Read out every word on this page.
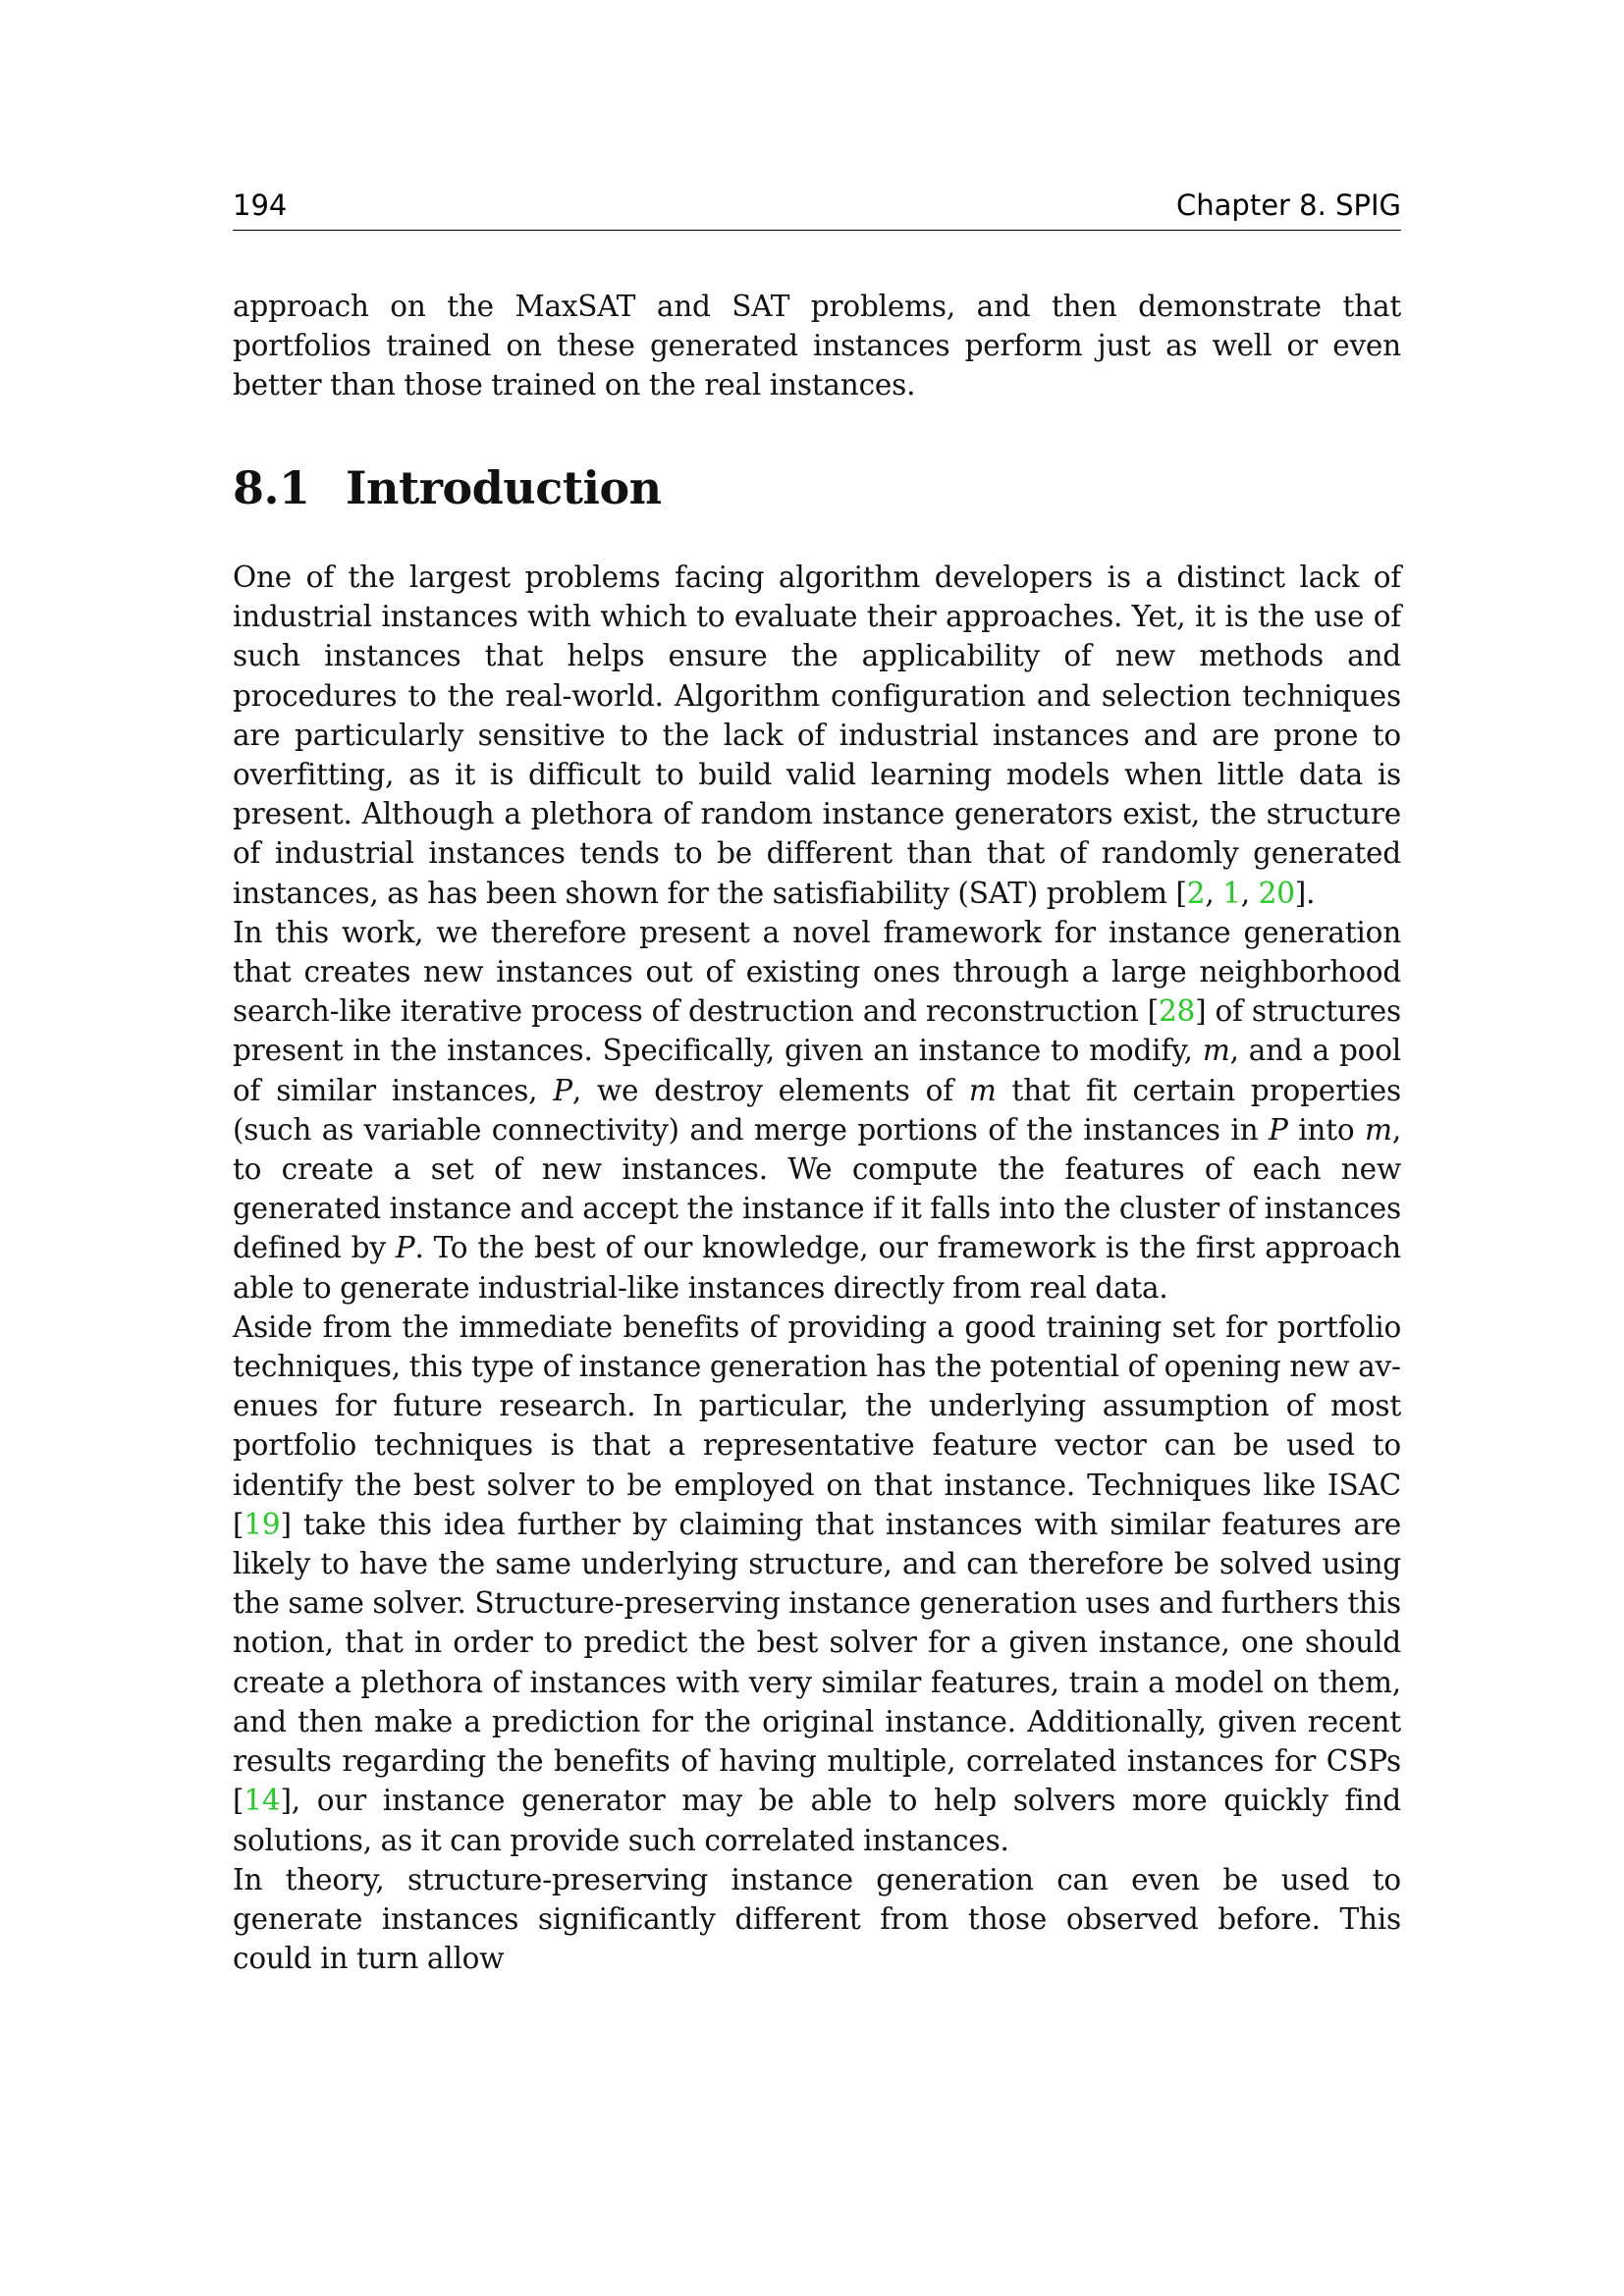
194	Chapter 8. SPIG

approach on the MaxSAT and SAT problems, and then demonstrate that portfolios trained on these generated instances perform just as well or even better than those trained on the real instances.

8.1 Introduction

One of the largest problems facing algorithm developers is a distinct lack of industrial instances with which to evaluate their approaches. Yet, it is the use of such instances that helps ensure the applicability of new methods and procedures to the real-world. Algorithm configuration and selection techniques are particularly sensitive to the lack of industrial instances and are prone to overfitting, as it is difficult to build valid learning models when little data is present. Although a plethora of random instance generators exist, the structure of industrial instances tends to be different than that of randomly generated instances, as has been shown for the satisfiability (SAT) problem [2, 1, 20].

In this work, we therefore present a novel framework for instance generation that creates new instances out of existing ones through a large neighborhood search-like iterative process of destruction and reconstruction [28] of structures present in the instances. Specifically, given an instance to modify, m, and a pool of similar instances, P, we destroy elements of m that fit certain properties (such as variable connectivity) and merge portions of the instances in P into m, to create a set of new instances. We compute the features of each new generated instance and accept the instance if it falls into the cluster of instances defined by P. To the best of our knowledge, our framework is the first approach able to generate industrial-like instances directly from real data.

Aside from the immediate benefits of providing a good training set for portfolio techniques, this type of instance generation has the potential of opening new avenues for future research. In particular, the underlying assumption of most portfolio techniques is that a representative feature vector can be used to identify the best solver to be employed on that instance. Techniques like ISAC [19] take this idea further by claiming that instances with similar features are likely to have the same underlying structure, and can therefore be solved using the same solver. Structure-preserving instance generation uses and furthers this notion, that in order to predict the best solver for a given instance, one should create a plethora of instances with very similar features, train a model on them, and then make a prediction for the original instance. Additionally, given recent results regarding the benefits of having multiple, correlated instances for CSPs [14], our instance generator may be able to help solvers more quickly find solutions, as it can provide such correlated instances.

In theory, structure-preserving instance generation can even be used to generate instances significantly different from those observed before. This could in turn allow
